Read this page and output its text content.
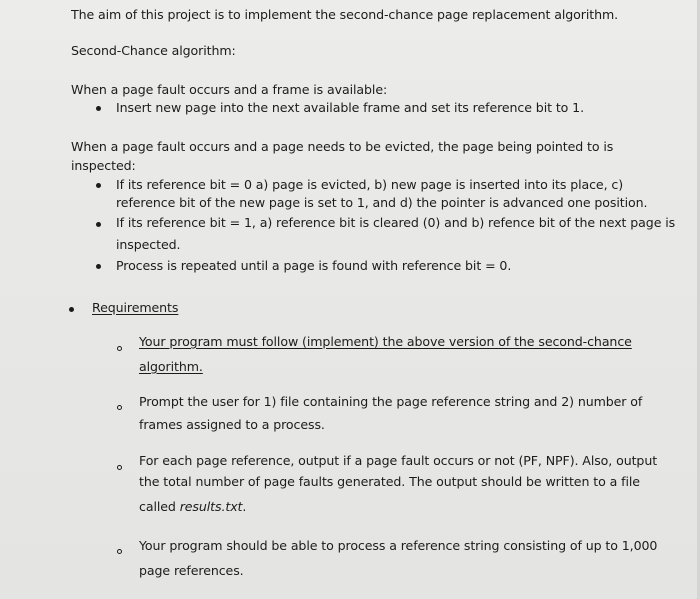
The aim of this project is to implement the second-chance page replacement algorithm.
Second-Chance algorithm:
When a page fault occurs and a frame is available:
Insert new page into the next available frame and set its reference bit to 1.
When a page fault occurs and a page needs to be evicted, the page being pointed to is
inspected:
If its reference bit = 0 a) page is evicted, b) new page is inserted into its place, c)
reference bit of the new page is set to 1, and d) the pointer is advanced one position.
If its reference bit = 1, a) reference bit is cleared (0) and b) refence bit of the next page is
inspected.
Process is repeated until a page is found with reference bit = 0.
Requirements
Your program must follow (implement) the above version of the second-chance
algorithm.
Prompt the user for 1) file containing the page reference string and 2) number of
frames assigned to a process.
For each page reference, output if a page fault occurs or not (PF, NPF). Also, output
the total number of page faults generated. The output should be written to a file
called results.txt.
Your program should be able to process a reference string consisting of up to 1,000
page references.
